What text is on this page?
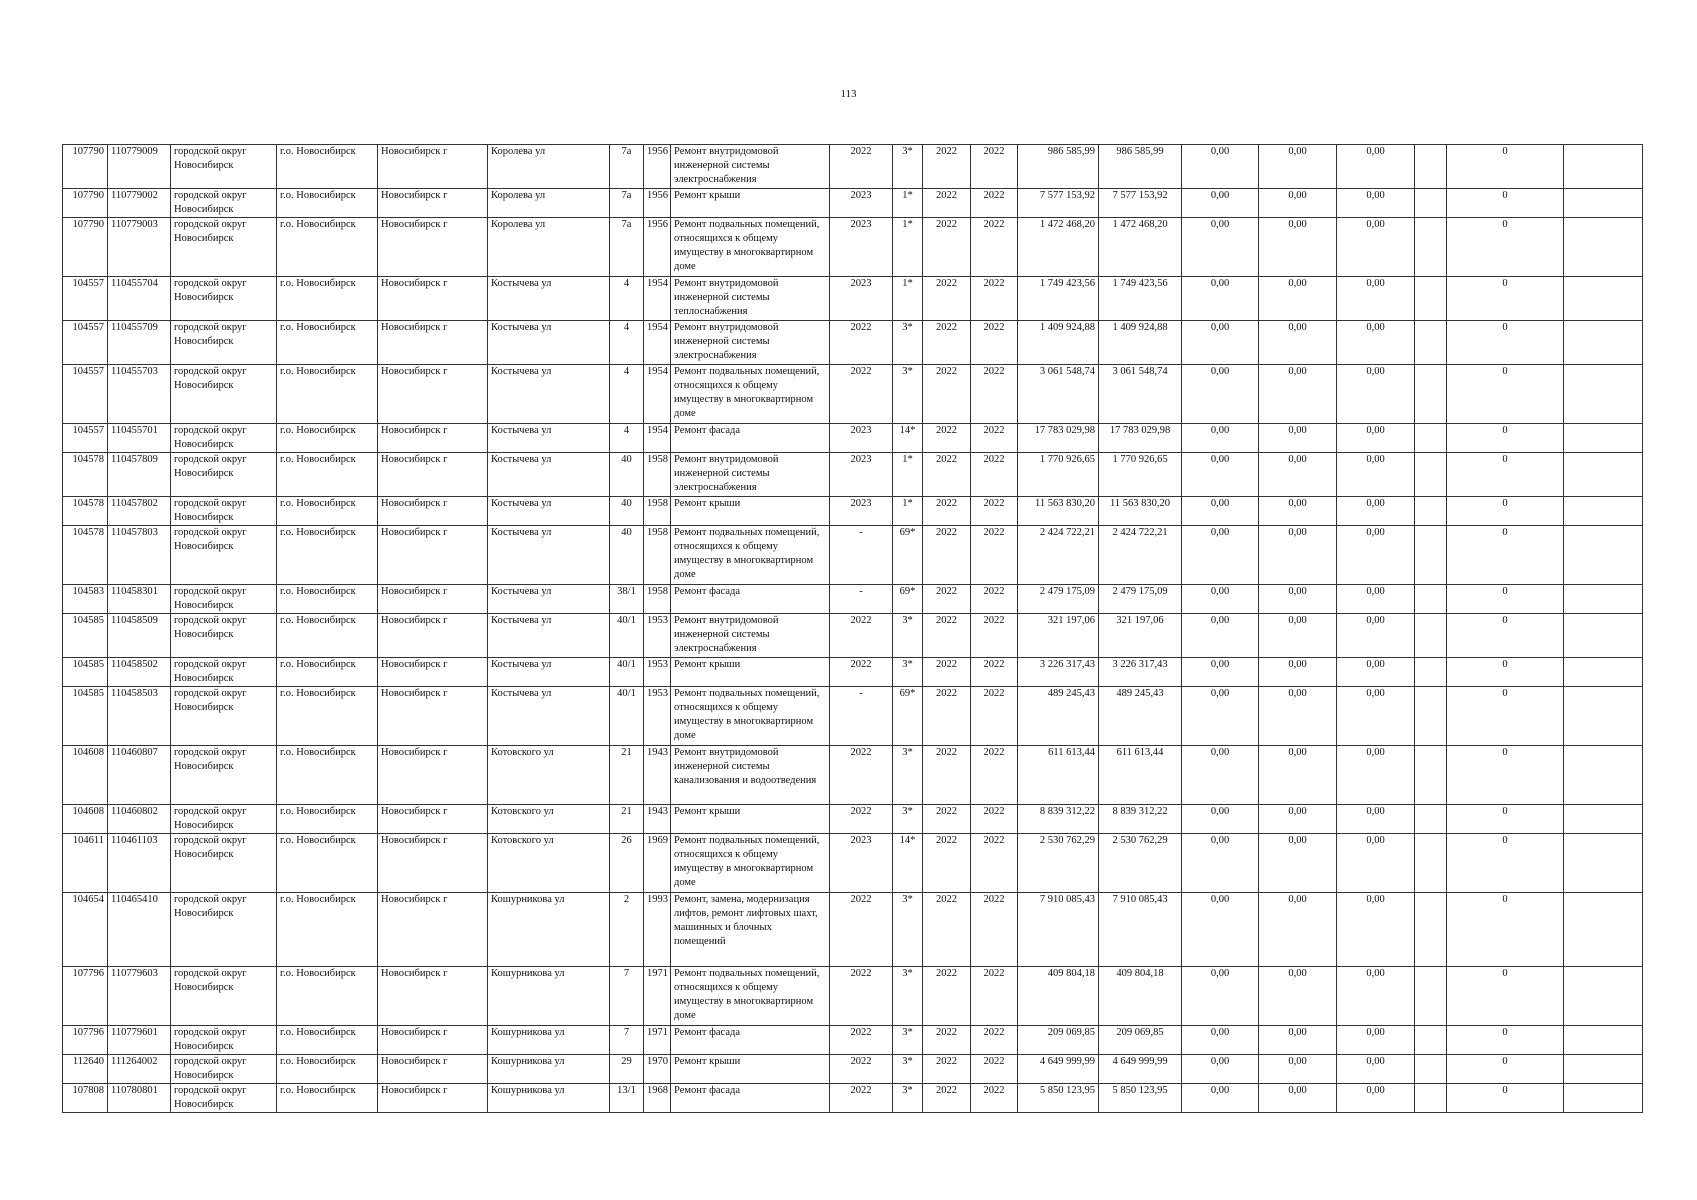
113
107790	110779009	городской округ Новосибирск	г.о. Новосибирск	Новосибирск г	Королева ул	7а	1956	Ремонт внутридомовой инженерной системы электроснабжения	2022	3*	2022	2022	986 585,99	986 585,99	0,00	0,00	0,00		0	
107790	110779002	городской округ Новосибирск	г.о. Новосибирск	Новосибирск г	Королева ул	7а	1956	Ремонт крыши	2023	1*	2022	2022	7 577 153,92	7 577 153,92	0,00	0,00	0,00		0	
107790	110779003	городской округ Новосибирск	г.о. Новосибирск	Новосибирск г	Королева ул	7а	1956	Ремонт подвальных помещений, относящихся к общему имуществу в многоквартирном доме	2023	1*	2022	2022	1 472 468,20	1 472 468,20	0,00	0,00	0,00		0	
104557	110455704	городской округ Новосибирск	г.о. Новосибирск	Новосибирск г	Костычева ул	4	1954	Ремонт внутридомовой инженерной системы теплоснабжения	2023	1*	2022	2022	1 749 423,56	1 749 423,56	0,00	0,00	0,00		0	
104557	110455709	городской округ Новосибирск	г.о. Новосибирск	Новосибирск г	Костычева ул	4	1954	Ремонт внутридомовой инженерной системы электроснабжения	2022	3*	2022	2022	1 409 924,88	1 409 924,88	0,00	0,00	0,00		0	
104557	110455703	городской округ Новосибирск	г.о. Новосибирск	Новосибирск г	Костычева ул	4	1954	Ремонт подвальных помещений, относящихся к общему имуществу в многоквартирном доме	2022	3*	2022	2022	3 061 548,74	3 061 548,74	0,00	0,00	0,00		0	
104557	110455701	городской округ Новосибирск	г.о. Новосибирск	Новосибирск г	Костычева ул	4	1954	Ремонт фасада	2023	14*	2022	2022	17 783 029,98	17 783 029,98	0,00	0,00	0,00		0	
104578	110457809	городской округ Новосибирск	г.о. Новосибирск	Новосибирск г	Костычева ул	40	1958	Ремонт внутридомовой инженерной системы электроснабжения	2023	1*	2022	2022	1 770 926,65	1 770 926,65	0,00	0,00	0,00		0	
104578	110457802	городской округ Новосибирск	г.о. Новосибирск	Новосибирск г	Костычева ул	40	1958	Ремонт крыши	2023	1*	2022	2022	11 563 830,20	11 563 830,20	0,00	0,00	0,00		0	
104578	110457803	городской округ Новосибирск	г.о. Новосибирск	Новосибирск г	Костычева ул	40	1958	Ремонт подвальных помещений, относящихся к общему имуществу в многоквартирном доме	-	69*	2022	2022	2 424 722,21	2 424 722,21	0,00	0,00	0,00		0	
104583	110458301	городской округ Новосибирск	г.о. Новосибирск	Новосибирск г	Костычева ул	38/1	1958	Ремонт фасада	-	69*	2022	2022	2 479 175,09	2 479 175,09	0,00	0,00	0,00		0	
104585	110458509	городской округ Новосибирск	г.о. Новосибирск	Новосибирск г	Костычева ул	40/1	1953	Ремонт внутридомовой инженерной системы электроснабжения	2022	3*	2022	2022	321 197,06	321 197,06	0,00	0,00	0,00		0	
104585	110458502	городской округ Новосибирск	г.о. Новосибирск	Новосибирск г	Костычева ул	40/1	1953	Ремонт крыши	2022	3*	2022	2022	3 226 317,43	3 226 317,43	0,00	0,00	0,00		0	
104585	110458503	городской округ Новосибирск	г.о. Новосибирск	Новосибирск г	Костычева ул	40/1	1953	Ремонт подвальных помещений, относящихся к общему имуществу в многоквартирном доме	-	69*	2022	2022	489 245,43	489 245,43	0,00	0,00	0,00		0	
104608	110460807	городской округ Новосибирск	г.о. Новосибирск	Новосибирск г	Котовского ул	21	1943	Ремонт внутридомовой инженерной системы канализования и водоотведения	2022	3*	2022	2022	611 613,44	611 613,44	0,00	0,00	0,00		0	
104608	110460802	городской округ Новосибирск	г.о. Новосибирск	Новосибирск г	Котовского ул	21	1943	Ремонт крыши	2022	3*	2022	2022	8 839 312,22	8 839 312,22	0,00	0,00	0,00		0	
104611	110461103	городской округ Новосибирск	г.о. Новосибирск	Новосибирск г	Котовского ул	26	1969	Ремонт подвальных помещений, относящихся к общему имуществу в многоквартирном доме	2023	14*	2022	2022	2 530 762,29	2 530 762,29	0,00	0,00	0,00		0	
104654	110465410	городской округ Новосибирск	г.о. Новосибирск	Новосибирск г	Кошурникова ул	2	1993	Ремонт, замена, модернизация лифтов, ремонт лифтовых шахт, машинных и блочных помещений	2022	3*	2022	2022	7 910 085,43	7 910 085,43	0,00	0,00	0,00		0	
107796	110779603	городской округ Новосибирск	г.о. Новосибирск	Новосибирск г	Кошурникова ул	7	1971	Ремонт подвальных помещений, относящихся к общему имуществу в многоквартирном доме	2022	3*	2022	2022	409 804,18	409 804,18	0,00	0,00	0,00		0	
107796	110779601	городской округ Новосибирск	г.о. Новосибирск	Новосибирск г	Кошурникова ул	7	1971	Ремонт фасада	2022	3*	2022	2022	209 069,85	209 069,85	0,00	0,00	0,00		0	
112640	111264002	городской округ Новосибирск	г.о. Новосибирск	Новосибирск г	Кошурникова ул	29	1970	Ремонт крыши	2022	3*	2022	2022	4 649 999,99	4 649 999,99	0,00	0,00	0,00		0	
107808	110780801	городской округ Новосибирск	г.о. Новосибирск	Новосибирск г	Кошурникова ул	13/1	1968	Ремонт фасада	2022	3*	2022	2022	5 850 123,95	5 850 123,95	0,00	0,00	0,00		0	
